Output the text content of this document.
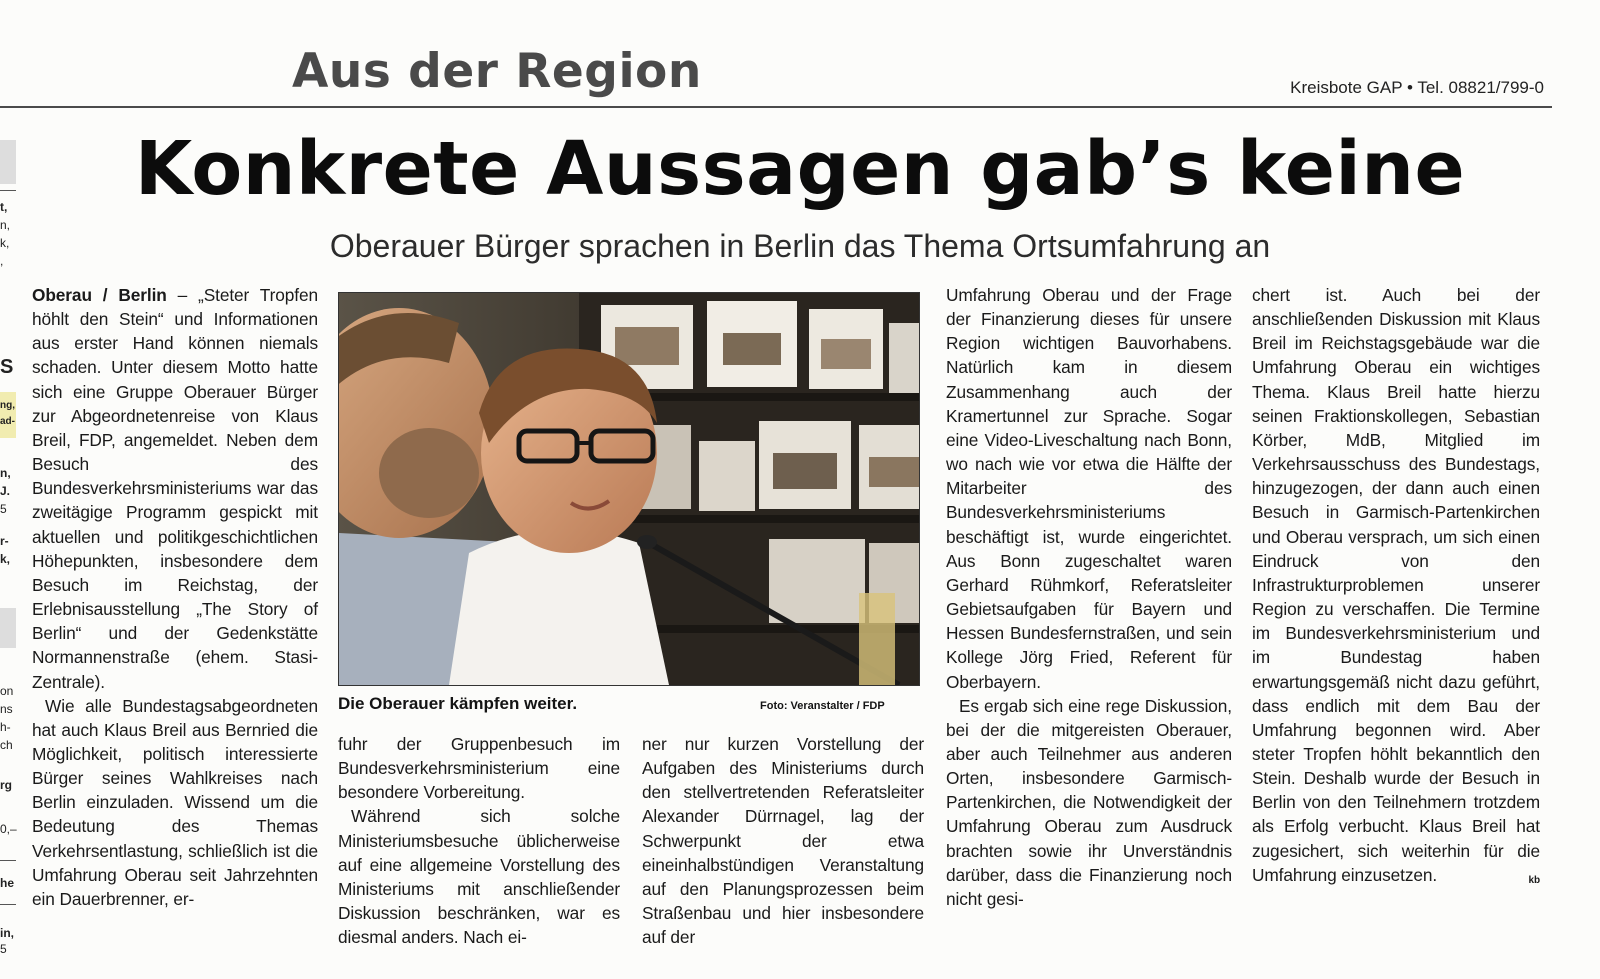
t,
n,
k,
,
S
ng,
ad-
n,
J.
5
r-
k,
on
ns
h-
ch
rg
0,–
he
in,
5
Aus der Region	Kreisbote GAP • Tel. 08821/799-0
Konkrete Aussagen gab’s keine
Oberauer Bürger sprachen in Berlin das Thema Ortsumfahrung an

Oberau / Berlin – „Steter Tropfen höhlt den Stein“ und Informationen aus erster Hand können niemals schaden. Unter diesem Motto hatte sich eine Gruppe Oberauer Bürger zur Abgeordnetenreise von Klaus Breil, FDP, angemeldet. Neben dem Besuch des Bundesverkehrsministeriums war das zweitägige Programm gespickt mit aktuellen und politikgeschichtlichen Höhepunkten, insbesondere dem Besuch im Reichstag, der Erlebnisausstellung „The Story of Berlin“ und der Gedenkstätte Normannenstraße (ehem. Stasi-Zentrale).

Wie alle Bundestagsabgeordneten hat auch Klaus Breil aus Bernried die Möglichkeit, politisch interessierte Bürger seines Wahlkreises nach Berlin einzuladen. Wissend um die Bedeutung des Themas Verkehrsentlastung, schließlich ist die Umfahrung Oberau seit Jahrzehnten ein Dauerbrenner, er-

Die Oberauer kämpfen weiter.	Foto: Veranstalter / FDP

fuhr der Gruppenbesuch im Bundesverkehrsministerium eine besondere Vorbereitung.

Während sich solche Ministeriumsbesuche üblicherweise auf eine allgemeine Vorstellung des Ministeriums mit anschließender Diskussion beschränken, war es diesmal anders. Nach ei-

ner nur kurzen Vorstellung der Aufgaben des Ministeriums durch den stellvertretenden Referatsleiter Alexander Dürrnagel, lag der Schwerpunkt der etwa eineinhalbstündigen Veranstaltung auf den Planungsprozessen beim Straßenbau und hier insbesondere auf der

Umfahrung Oberau und der Frage der Finanzierung dieses für unsere Region wichtigen Bauvorhabens. Natürlich kam in diesem Zusammenhang auch der Kramertunnel zur Sprache. Sogar eine Video-Liveschaltung nach Bonn, wo nach wie vor etwa die Hälfte der Mitarbeiter des Bundesverkehrsministeriums beschäftigt ist, wurde eingerichtet. Aus Bonn zugeschaltet waren Gerhard Rühmkorf, Referatsleiter Gebietsaufgaben für Bayern und Hessen Bundesfernstraßen, und sein Kollege Jörg Fried, Referent für Oberbayern.

Es ergab sich eine rege Diskussion, bei der die mitgereisten Oberauer, aber auch Teilnehmer aus anderen Orten, insbesondere Garmisch-Partenkirchen, die Notwendigkeit der Umfahrung Oberau zum Ausdruck brachten sowie ihr Unverständnis darüber, dass die Finanzierung noch nicht gesi-

chert ist. Auch bei der anschließenden Diskussion mit Klaus Breil im Reichstagsgebäude war die Umfahrung Oberau ein wichtiges Thema. Klaus Breil hatte hierzu seinen Fraktionskollegen, Sebastian Körber, MdB, Mitglied im Verkehrsausschuss des Bundestags, hinzugezogen, der dann auch einen Besuch in Garmisch-Partenkirchen und Oberau versprach, um sich einen Eindruck von den Infrastrukturproblemen unserer Region zu verschaffen. Die Termine im Bundesverkehrsministerium und im Bundestag haben erwartungsgemäß nicht dazu geführt, dass endlich mit dem Bau der Umfahrung begonnen wird. Aber steter Tropfen höhlt bekanntlich den Stein. Deshalb wurde der Besuch in Berlin von den Teilnehmern trotzdem als Erfolg verbucht. Klaus Breil hat zugesichert, sich weiterhin für die Umfahrung einzusetzen.	kb
